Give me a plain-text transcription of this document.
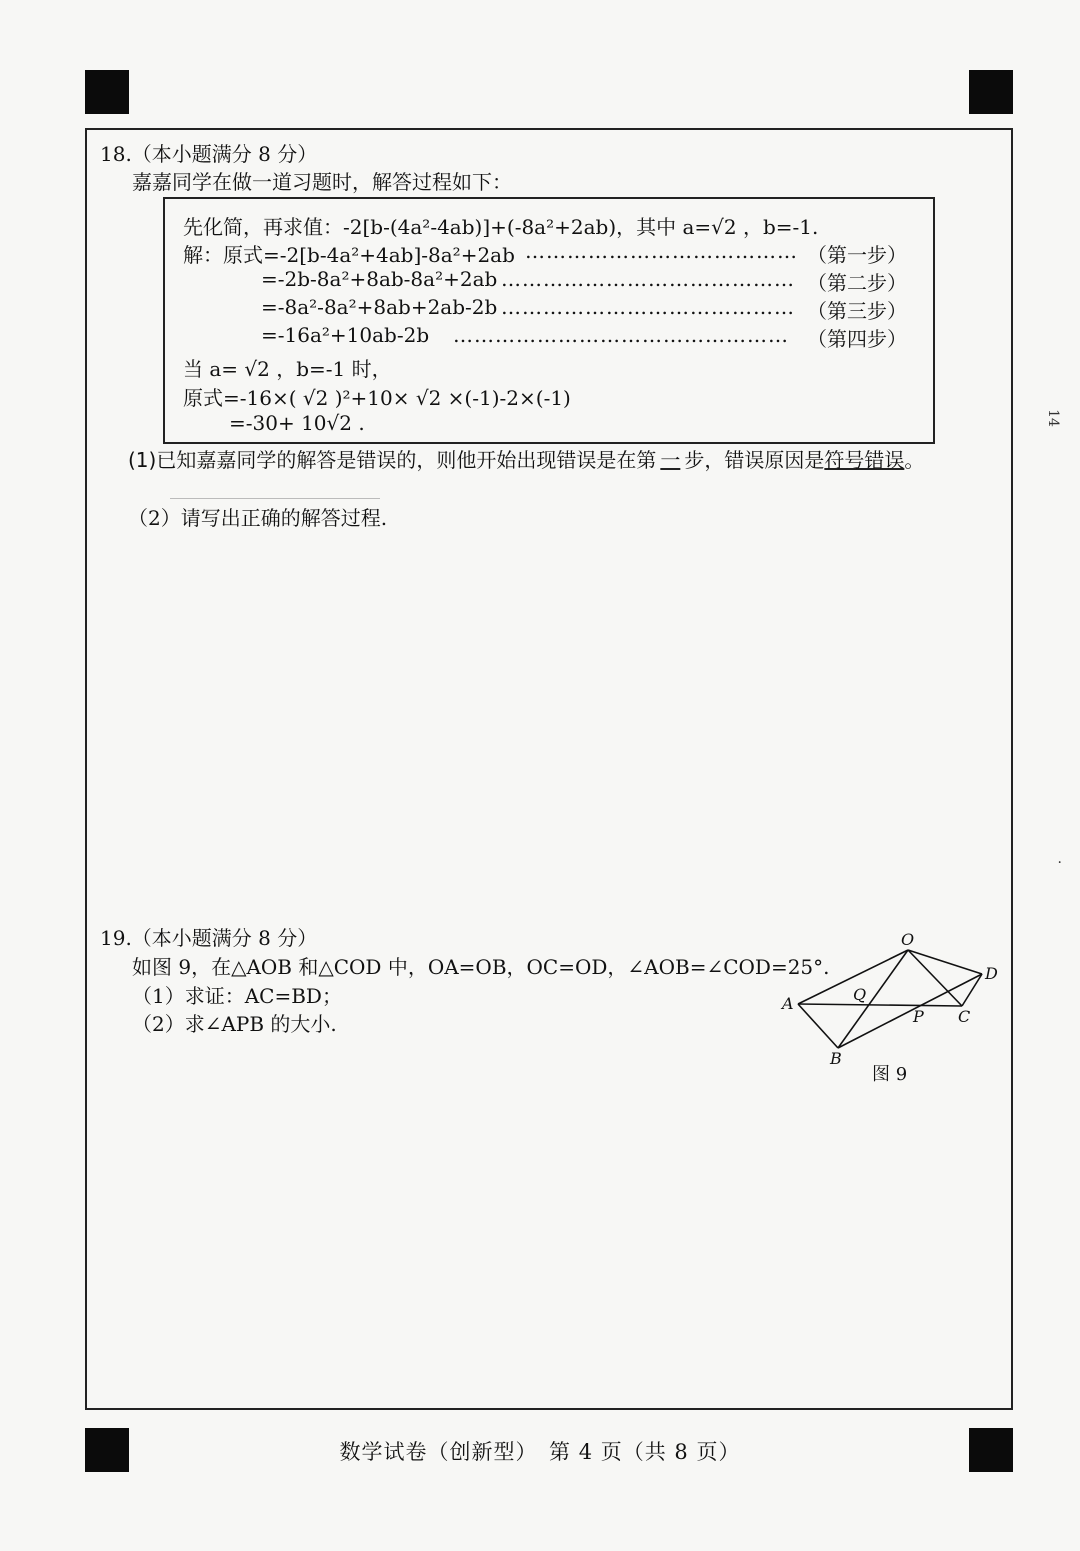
18.（本小题满分 8 分）
嘉嘉同学在做一道习题时，解答过程如下：
先化简，再求值：-2[b-(4a²-4ab)]+(-8a²+2ab)，其中 a=√2 ，b=-1.
解：原式=-2[b-4a²+4ab]-8a²+2ab ………………………………… （第一步）
=-2b-8a²+8ab-8a²+2ab …………………………………… （第二步）
=-8a²-8a²+8ab+2ab-2b …………………………………… （第三步）
=-16a²+10ab-2b ………………………………………… （第四步）
当 a= √2 ，b=-1 时，
原式=-16×( √2 )²+10× √2 ×(-1)-2×(-1)
=-30+ 10√2 .
(1)已知嘉嘉同学的解答是错误的，则他开始出现错误是在第 一 步，错误原因是符号错误。
（2）请写出正确的解答过程.
19.（本小题满分 8 分）
如图 9，在△AOB 和△COD 中，OA=OB，OC=OD，∠AOB=∠COD=25°.
（1）求证：AC=BD；
（2）求∠APB 的大小.
O
D
A	Q
P C
B
图 9
14
·
数学试卷（创新型）　第 4 页（共 8 页）
